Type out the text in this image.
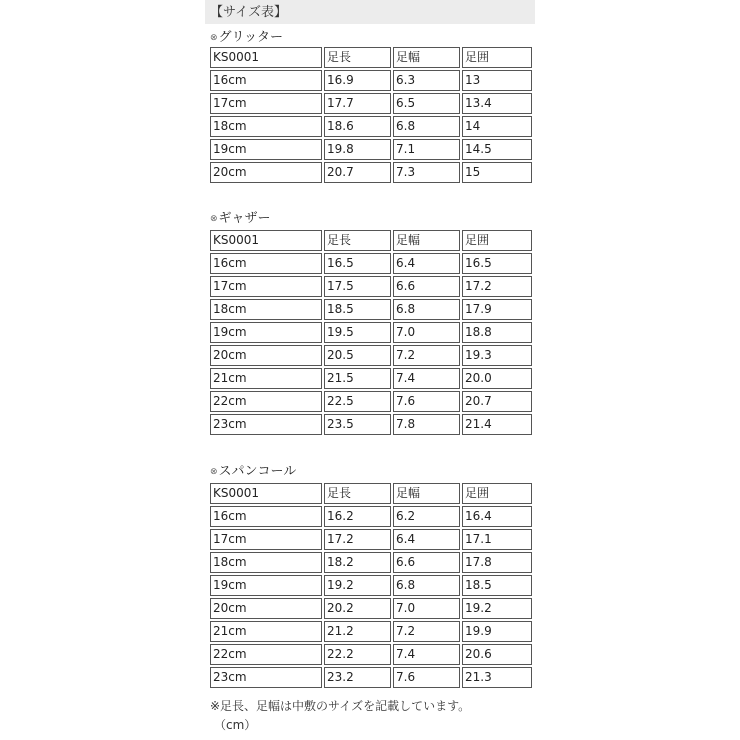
【サイズ表】
⊗グリッター
KS0001	足長	足幅	足囲
16cm	16.9	6.3	13
17cm	17.7	6.5	13.4
18cm	18.6	6.8	14
19cm	19.8	7.1	14.5
20cm	20.7	7.3	15
⊗ギャザー
KS0001	足長	足幅	足囲
16cm	16.5	6.4	16.5
17cm	17.5	6.6	17.2
18cm	18.5	6.8	17.9
19cm	19.5	7.0	18.8
20cm	20.5	7.2	19.3
21cm	21.5	7.4	20.0
22cm	22.5	7.6	20.7
23cm	23.5	7.8	21.4
⊗スパンコール
KS0001	足長	足幅	足囲
16cm	16.2	6.2	16.4
17cm	17.2	6.4	17.1
18cm	18.2	6.6	17.8
19cm	19.2	6.8	18.5
20cm	20.2	7.0	19.2
21cm	21.2	7.2	19.9
22cm	22.2	7.4	20.6
23cm	23.2	7.6	21.3
※足長、足幅は中敷のサイズを記載しています。
（cm）
